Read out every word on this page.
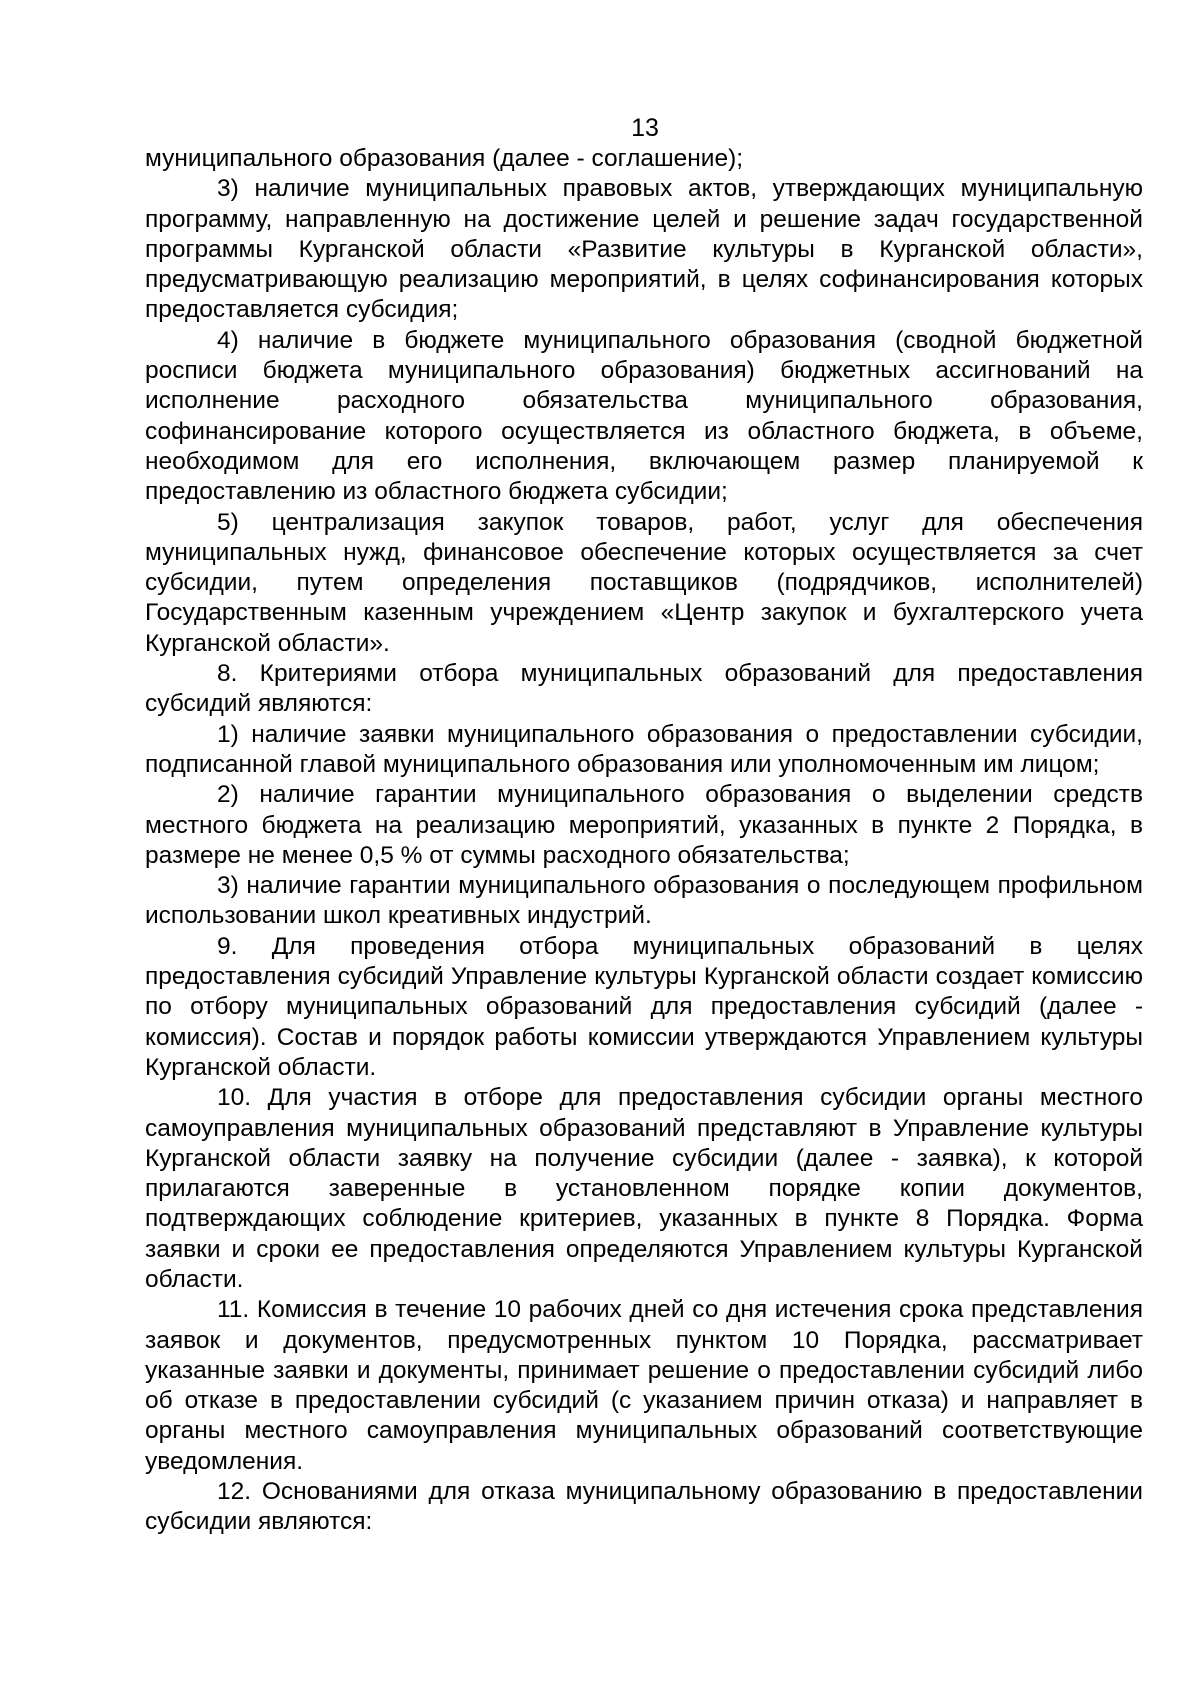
13

муниципального образования (далее - соглашение);

3) наличие муниципальных правовых актов, утверждающих муниципальную программу, направленную на достижение целей и решение задач государственной программы Курганской области «Развитие культуры в Курганской области», предусматривающую реализацию мероприятий, в целях софинансирования которых предоставляется субсидия;

4) наличие в бюджете муниципального образования (сводной бюджетной росписи бюджета муниципального образования) бюджетных ассигнований на исполнение расходного обязательства муниципального образования, софинансирование которого осуществляется из областного бюджета, в объеме, необходимом для его исполнения, включающем размер планируемой к предоставлению из областного бюджета субсидии;

5) централизация закупок товаров, работ, услуг для обеспечения муниципальных нужд, финансовое обеспечение которых осуществляется за счет субсидии, путем определения поставщиков (подрядчиков, исполнителей) Государственным казенным учреждением «Центр закупок и бухгалтерского учета Курганской области».

8. Критериями отбора муниципальных образований для предоставления субсидий являются:

1) наличие заявки муниципального образования о предоставлении субсидии, подписанной главой муниципального образования или уполномоченным им лицом;

2) наличие гарантии муниципального образования о выделении средств местного бюджета на реализацию мероприятий, указанных в пункте 2 Порядка, в размере не менее 0,5 % от суммы расходного обязательства;

3) наличие гарантии муниципального образования о последующем профильном использовании школ креативных индустрий.

9. Для проведения отбора муниципальных образований в целях предоставления субсидий Управление культуры Курганской области создает комиссию по отбору муниципальных образований для предоставления субсидий (далее - комиссия). Состав и порядок работы комиссии утверждаются Управлением культуры Курганской области.

10. Для участия в отборе для предоставления субсидии органы местного самоуправления муниципальных образований представляют в Управление культуры Курганской области заявку на получение субсидии (далее - заявка), к которой прилагаются заверенные в установленном порядке копии документов, подтверждающих соблюдение критериев, указанных в пункте 8 Порядка. Форма заявки и сроки ее предоставления определяются Управлением культуры Курганской области.

11. Комиссия в течение 10 рабочих дней со дня истечения срока представления заявок и документов, предусмотренных пунктом 10 Порядка, рассматривает указанные заявки и документы, принимает решение о предоставлении субсидий либо об отказе в предоставлении субсидий (с указанием причин отказа) и направляет в органы местного самоуправления муниципальных образований соответствующие уведомления.

12. Основаниями для отказа муниципальному образованию в предоставлении субсидии являются:
